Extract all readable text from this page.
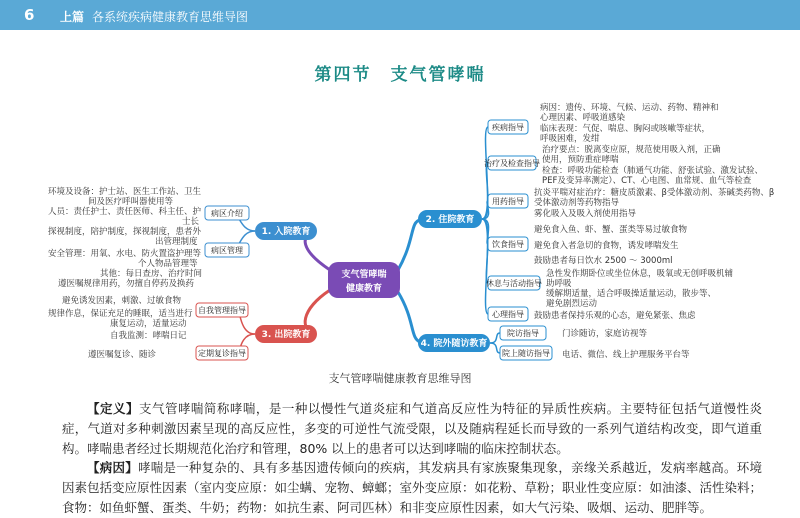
6 上篇 各系统疾病健康教育思维导图
第四节　支气管哮喘
支气管哮喘
健康教育
1. 入院教育
3. 出院教育
2. 住院教育
4. 院外随访教育
病区介绍
病区管理
环境及设备：护士站、医生工作站、卫生
间及医疗呼叫器使用等
人员：责任护士、责任医师、科主任、护
士长
探视制度，陪护制度，探视制度，患者外
出管理制度
安全管理：用氧、水电、防火置盗护理等
个人物品管理等
其他：每日查房、治疗时间
自我管理指导
定期复诊指导
遵医嘱规律用药，勿擅自停药及换药
避免诱发因素，刺激、过敏食物
规律作息，保证充足的睡眠，适当进行
康复运动，适量运动
自我监测：哮喘日记
遵医嘱复诊、随诊
疾病指导
治疗及检查指导
用药指导
饮食指导
休息与活动指导
心理指导
病因：遗传、环境、气候、运动、药物、精神和
心理因素、呼吸道感染
临床表现：气促、喘息、胸闷或咳嗽等症状，
呼吸困难，发绀
治疗要点：脱离变应原，规范使用吸入剂，正确
使用，预防重症哮喘
检查：呼吸功能检查（肺通气功能、舒张试验、激发试验、
PEF及变异率测定）、CT、心电图、血常规、血气等检查
抗炎平喘对症治疗：糖皮质激素、β受体激动剂、茶碱类药物、β
受体激动剂等药物指导
雾化吸入及吸入剂使用指导
避免食入鱼、虾、蟹、蛋类等易过敏食物
避免食入者急切的食物，诱发哮喘发生
鼓励患者每日饮水 2500 ～ 3000ml
急性发作期卧位或坐位休息，吸氧或无创呼吸机辅
助呼吸
缓解期适量，适合呼吸操适量运动，散步等、
避免剧烈运动
鼓励患者保持乐观的心态，避免紧张、焦虑
院访指导
院上随访指导
门诊随访，家庭访视等
电话、微信、线上护理服务平台等
支气管哮喘健康教育思维导图
【定义】支气管哮喘简称哮喘，是一种以慢性气道炎症和气道高反应性为特征的异质性疾病。主要特征包括气道慢性炎症，气道对多种刺激因素呈现的高反应性，多变的可逆性气流受限，以及随病程延长而导致的一系列气道结构改变，即气道重构。哮喘患者经过长期规范化治疗和管理，80% 以上的患者可以达到哮喘的临床控制状态。
【病因】哮喘是一种复杂的、具有多基因遗传倾向的疾病，其发病具有家族聚集现象，亲缘关系越近，发病率越高。环境因素包括变应原性因素（室内变应原：如尘螨、宠物、蟑螂；室外变应原：如花粉、草粉；职业性变应原：如油漆、活性染料；食物：如鱼虾蟹、蛋类、牛奶；药物：如抗生素、阿司匹林）和非变应原性因素，如大气污染、吸烟、运动、肥胖等。
